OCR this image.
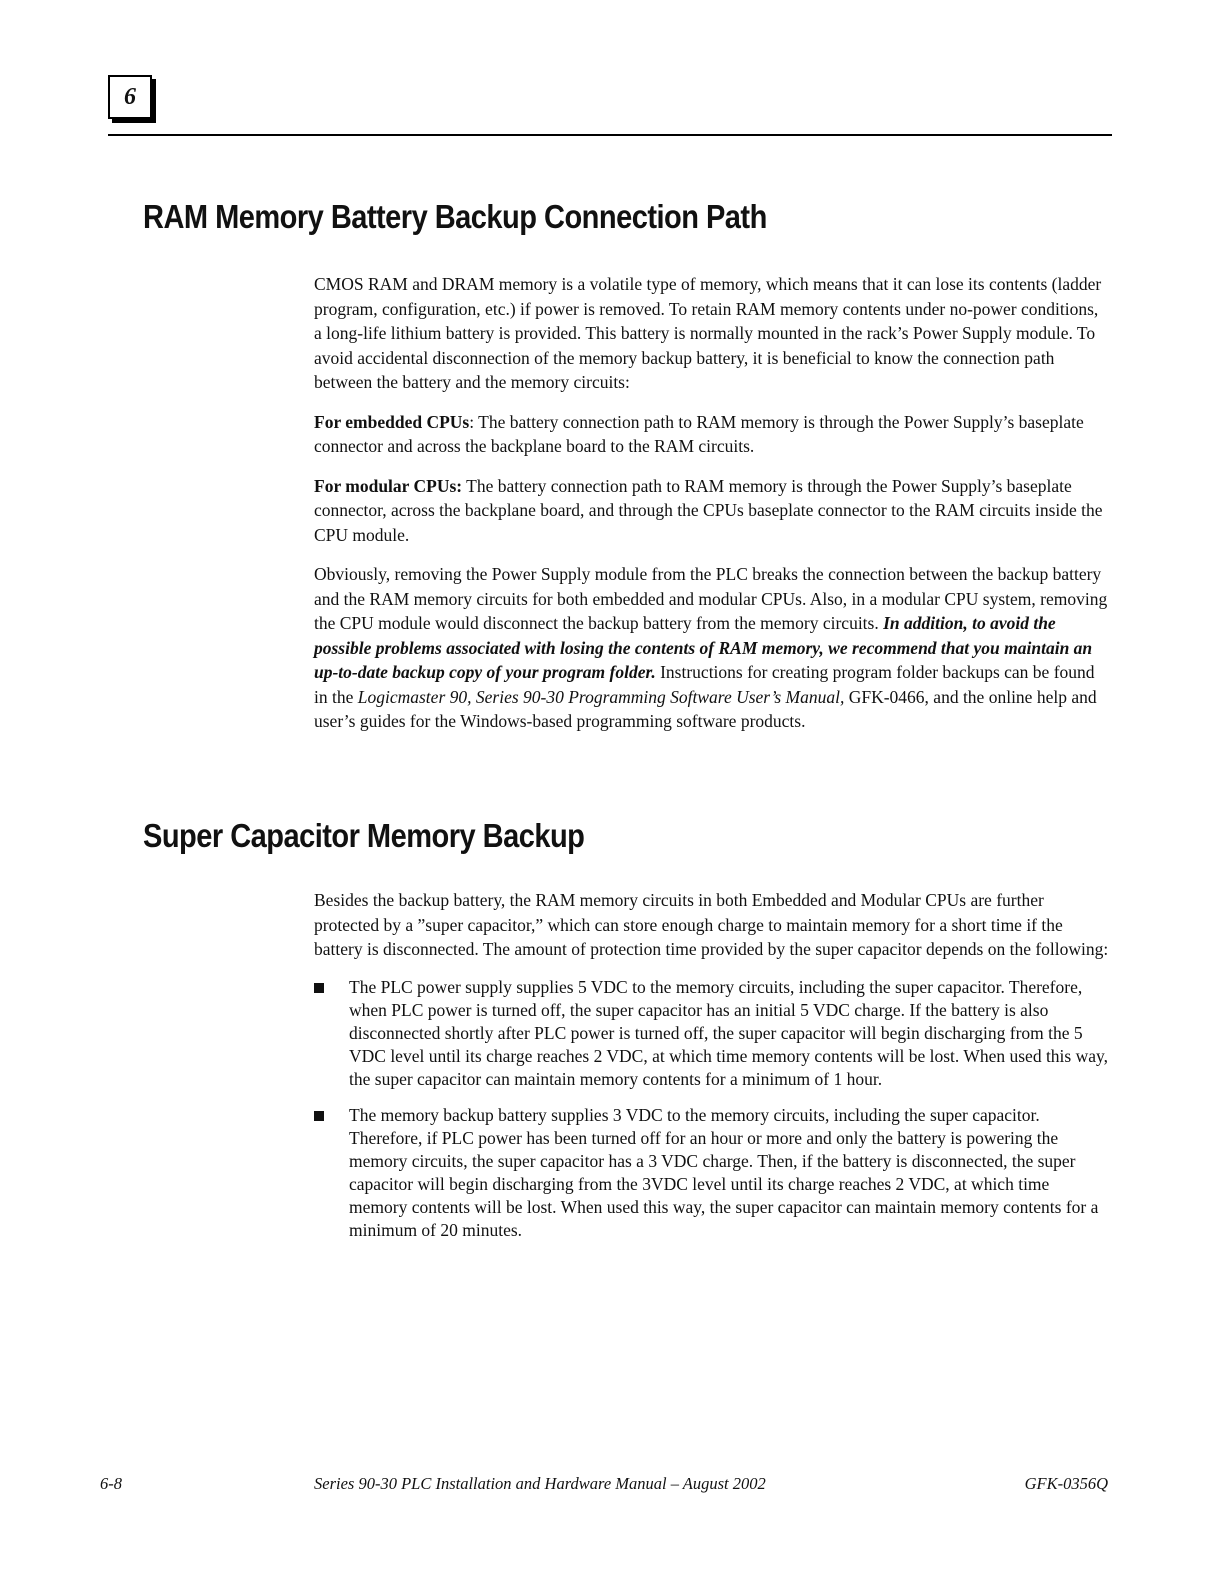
6
RAM Memory Battery Backup Connection Path

CMOS RAM and DRAM memory is a volatile type of memory, which means that it can lose its contents (ladder program, configuration, etc.) if power is removed. To retain RAM memory contents under no-power conditions, a long-life lithium battery is provided. This battery is normally mounted in the rack’s Power Supply module. To avoid accidental disconnection of the memory backup battery, it is beneficial to know the connection path between the battery and the memory circuits:

For embedded CPUs: The battery connection path to RAM memory is through the Power Supply’s baseplate connector and across the backplane board to the RAM circuits.

For modular CPUs: The battery connection path to RAM memory is through the Power Supply’s baseplate connector, across the backplane board, and through the CPUs baseplate connector to the RAM circuits inside the CPU module.

Obviously, removing the Power Supply module from the PLC breaks the connection between the backup battery and the RAM memory circuits for both embedded and modular CPUs. Also, in a modular CPU system, removing the CPU module would disconnect the backup battery from the memory circuits. In addition, to avoid the possible problems associated with losing the contents of RAM memory, we recommend that you maintain an up-to-date backup copy of your program folder. Instructions for creating program folder backups can be found in the Logicmaster 90, Series 90-30 Programming Software User’s Manual, GFK-0466, and the online help and user’s guides for the Windows-based programming software products.

Super Capacitor Memory Backup

Besides the backup battery, the RAM memory circuits in both Embedded and Modular CPUs are further protected by a ”super capacitor,” which can store enough charge to maintain memory for a short time if the battery is disconnected. The amount of protection time provided by the super capacitor depends on the following:

The PLC power supply supplies 5 VDC to the memory circuits, including the super capacitor. Therefore, when PLC power is turned off, the super capacitor has an initial 5 VDC charge. If the battery is also disconnected shortly after PLC power is turned off, the super capacitor will begin discharging from the 5 VDC level until its charge reaches 2 VDC, at which time memory contents will be lost. When used this way, the super capacitor can maintain memory contents for a minimum of 1 hour.
The memory backup battery supplies 3 VDC to the memory circuits, including the super capacitor. Therefore, if PLC power has been turned off for an hour or more and only the battery is powering the memory circuits, the super capacitor has a 3 VDC charge. Then, if the battery is disconnected, the super capacitor will begin discharging from the 3VDC level until its charge reaches 2 VDC, at which time memory contents will be lost. When used this way, the super capacitor can maintain memory contents for a minimum of 20 minutes.
6-8	Series 90-30 PLC Installation and Hardware Manual – August 2002	GFK-0356Q
